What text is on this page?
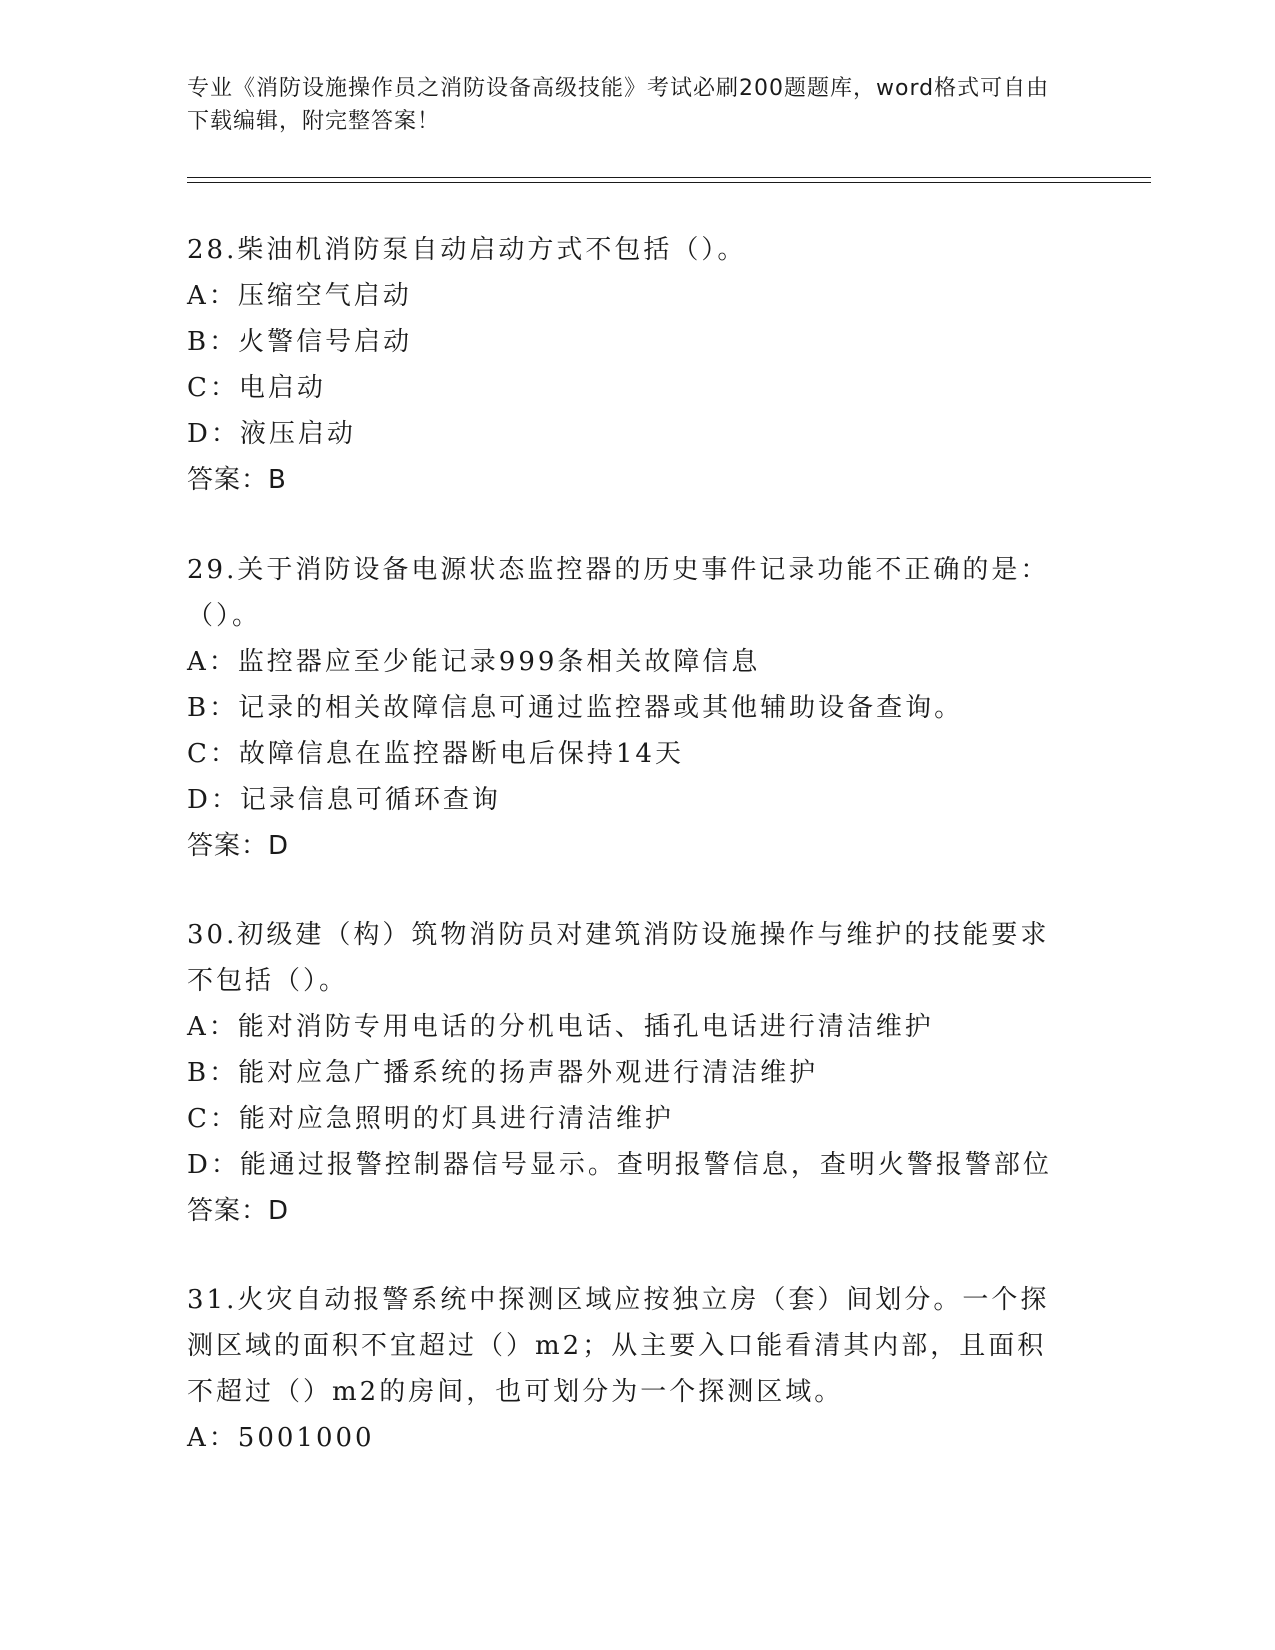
专业《消防设施操作员之消防设备高级技能》考试必刷200题题库，word格式可自由下载编辑，附完整答案！
28.柴油机消防泵自动启动方式不包括（）。
A：压缩空气启动
B：火警信号启动
C：电启动
D：液压启动
答案：B
29.关于消防设备电源状态监控器的历史事件记录功能不正确的是：（）。
A：监控器应至少能记录999条相关故障信息
B：记录的相关故障信息可通过监控器或其他辅助设备查询。
C：故障信息在监控器断电后保持14天
D：记录信息可循环查询
答案：D
30.初级建（构）筑物消防员对建筑消防设施操作与维护的技能要求不包括（）。
A：能对消防专用电话的分机电话、插孔电话进行清洁维护
B：能对应急广播系统的扬声器外观进行清洁维护
C：能对应急照明的灯具进行清洁维护
D：能通过报警控制器信号显示。查明报警信息，查明火警报警部位
答案：D
31.火灾自动报警系统中探测区域应按独立房（套）间划分。一个探测区域的面积不宜超过（）m2；从主要入口能看清其内部，且面积不超过（）m2的房间，也可划分为一个探测区域。
A：5001000
